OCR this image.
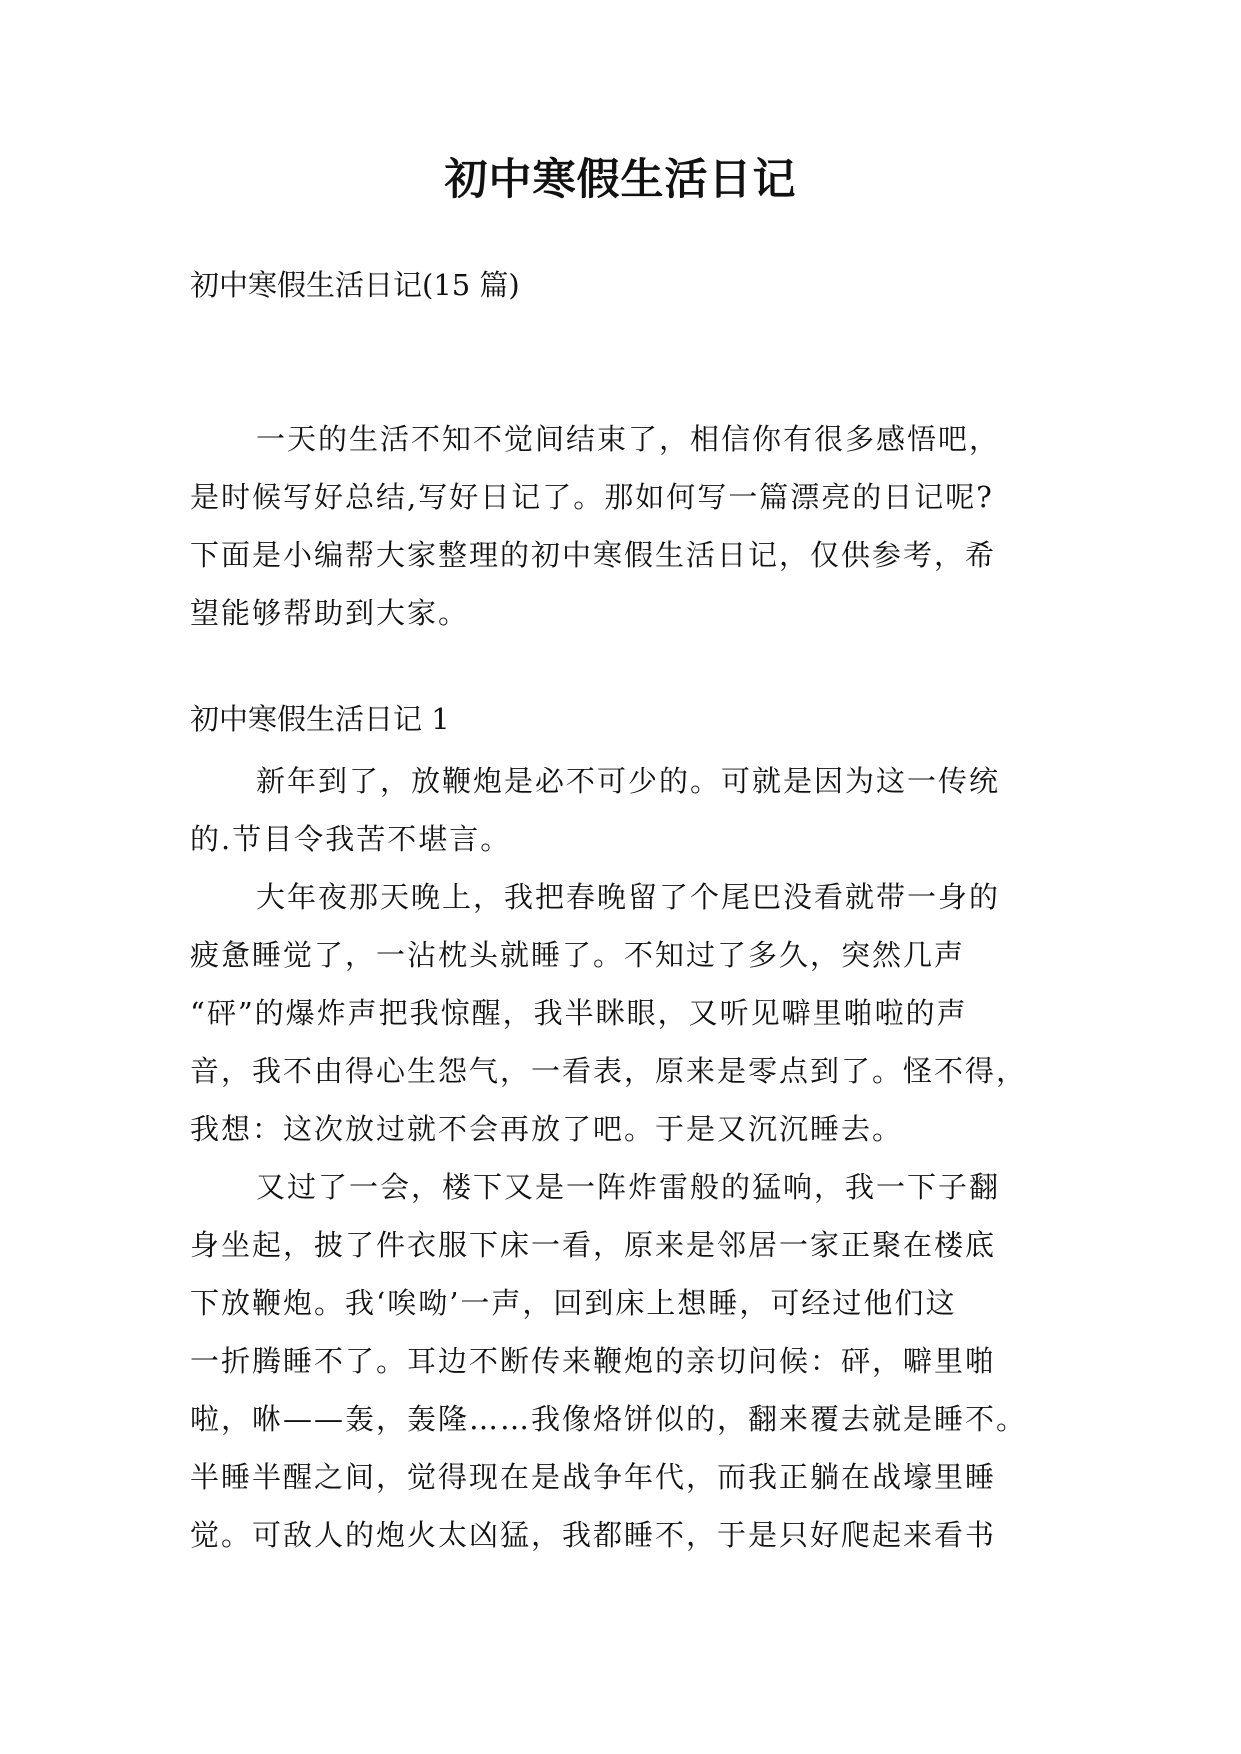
初中寒假生活日记
初中寒假生活日记(15 篇)
一天的生活不知不觉间结束了，相信你有很多感悟吧，
是时候写好总结,写好日记了。那如何写一篇漂亮的日记呢?
下面是小编帮大家整理的初中寒假生活日记，仅供参考，希
望能够帮助到大家。
初中寒假生活日记 1
新年到了，放鞭炮是必不可少的。可就是因为这一传统
的.节目令我苦不堪言。
大年夜那天晚上，我把春晚留了个尾巴没看就带一身的
疲惫睡觉了，一沾枕头就睡了。不知过了多久，突然几声
“砰”的爆炸声把我惊醒，我半眯眼，又听见噼里啪啦的声
音，我不由得心生怨气，一看表，原来是零点到了。怪不得，
我想：这次放过就不会再放了吧。于是又沉沉睡去。
又过了一会，楼下又是一阵炸雷般的猛响，我一下子翻
身坐起，披了件衣服下床一看，原来是邻居一家正聚在楼底
下放鞭炮。我‘唉呦’一声，回到床上想睡，可经过他们这
一折腾睡不了。耳边不断传来鞭炮的亲切问候：砰，噼里啪
啦，咻——轰，轰隆……我像烙饼似的，翻来覆去就是睡不。
半睡半醒之间，觉得现在是战争年代，而我正躺在战壕里睡
觉。可敌人的炮火太凶猛，我都睡不，于是只好爬起来看书
